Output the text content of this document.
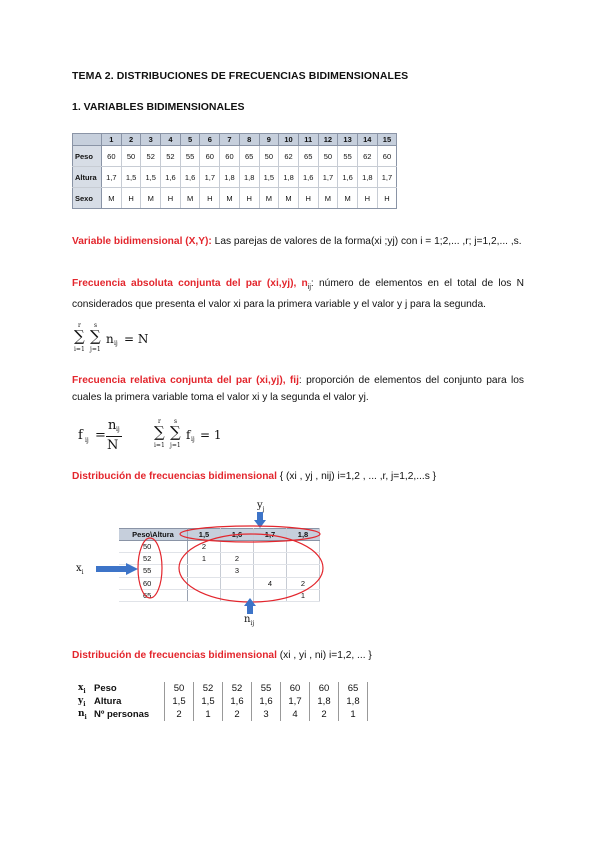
TEMA 2. DISTRIBUCIONES DE FRECUENCIAS BIDIMENSIONALES
1. VARIABLES BIDIMENSIONALES
	1	2	3	4	5	6	7	8	9	10	11	12	13	14	15
Peso	60	50	52	52	55	60	60	65	50	62	65	50	55	62	60
Altura	1,7	1,5	1,5	1,6	1,6	1,7	1,8	1,8	1,5	1,8	1,6	1,7	1,6	1,8	1,7
Sexo	M	H	M	H	M	H	M	H	M	M	H	M	M	H	H
Variable bidimensional (X,Y): Las parejas de valores de la forma(xi ;yj) con i = 1;2,... ,r; j=1,2,... ,s.
Frecuencia absoluta conjunta del par (xi,yj), $n_{ij}$: número de elementos en el total de los N considerados que presenta el valor xi para la primera variable y el valor y j para la segunda.
r
∑
i=1
s
∑
j=1
n ij = N
Frecuencia relativa conjunta del par (xi,yj), fij: proporción de elementos del conjunto para los cuales la primera variable toma el valor xi y la segunda el valor yj.
f ij =
n ij
N
r
∑
i=1
s
∑
j=1
f ij = 1
Distribución de frecuencias bidimensional { (xi , yj , nij) i=1,2 , ... ,r, j=1,2,...s }
$y_j$
Peso\Altura	1,5	1,6	1,7	1,8
50	2			
52	1	2		
55		3		
60			4	2
65				1
$x_i$
$n_{ij}$
Distribución de frecuencias bidimensional (xi , yi , ni) i=1,2, ... }
$x_i$	Peso	50	52	52	55	60	60	65
$y_i$	Altura	1,5	1,5	1,6	1,6	1,7	1,8	1,8
$n_i$	Nº personas	2	1	2	3	4	2	1
